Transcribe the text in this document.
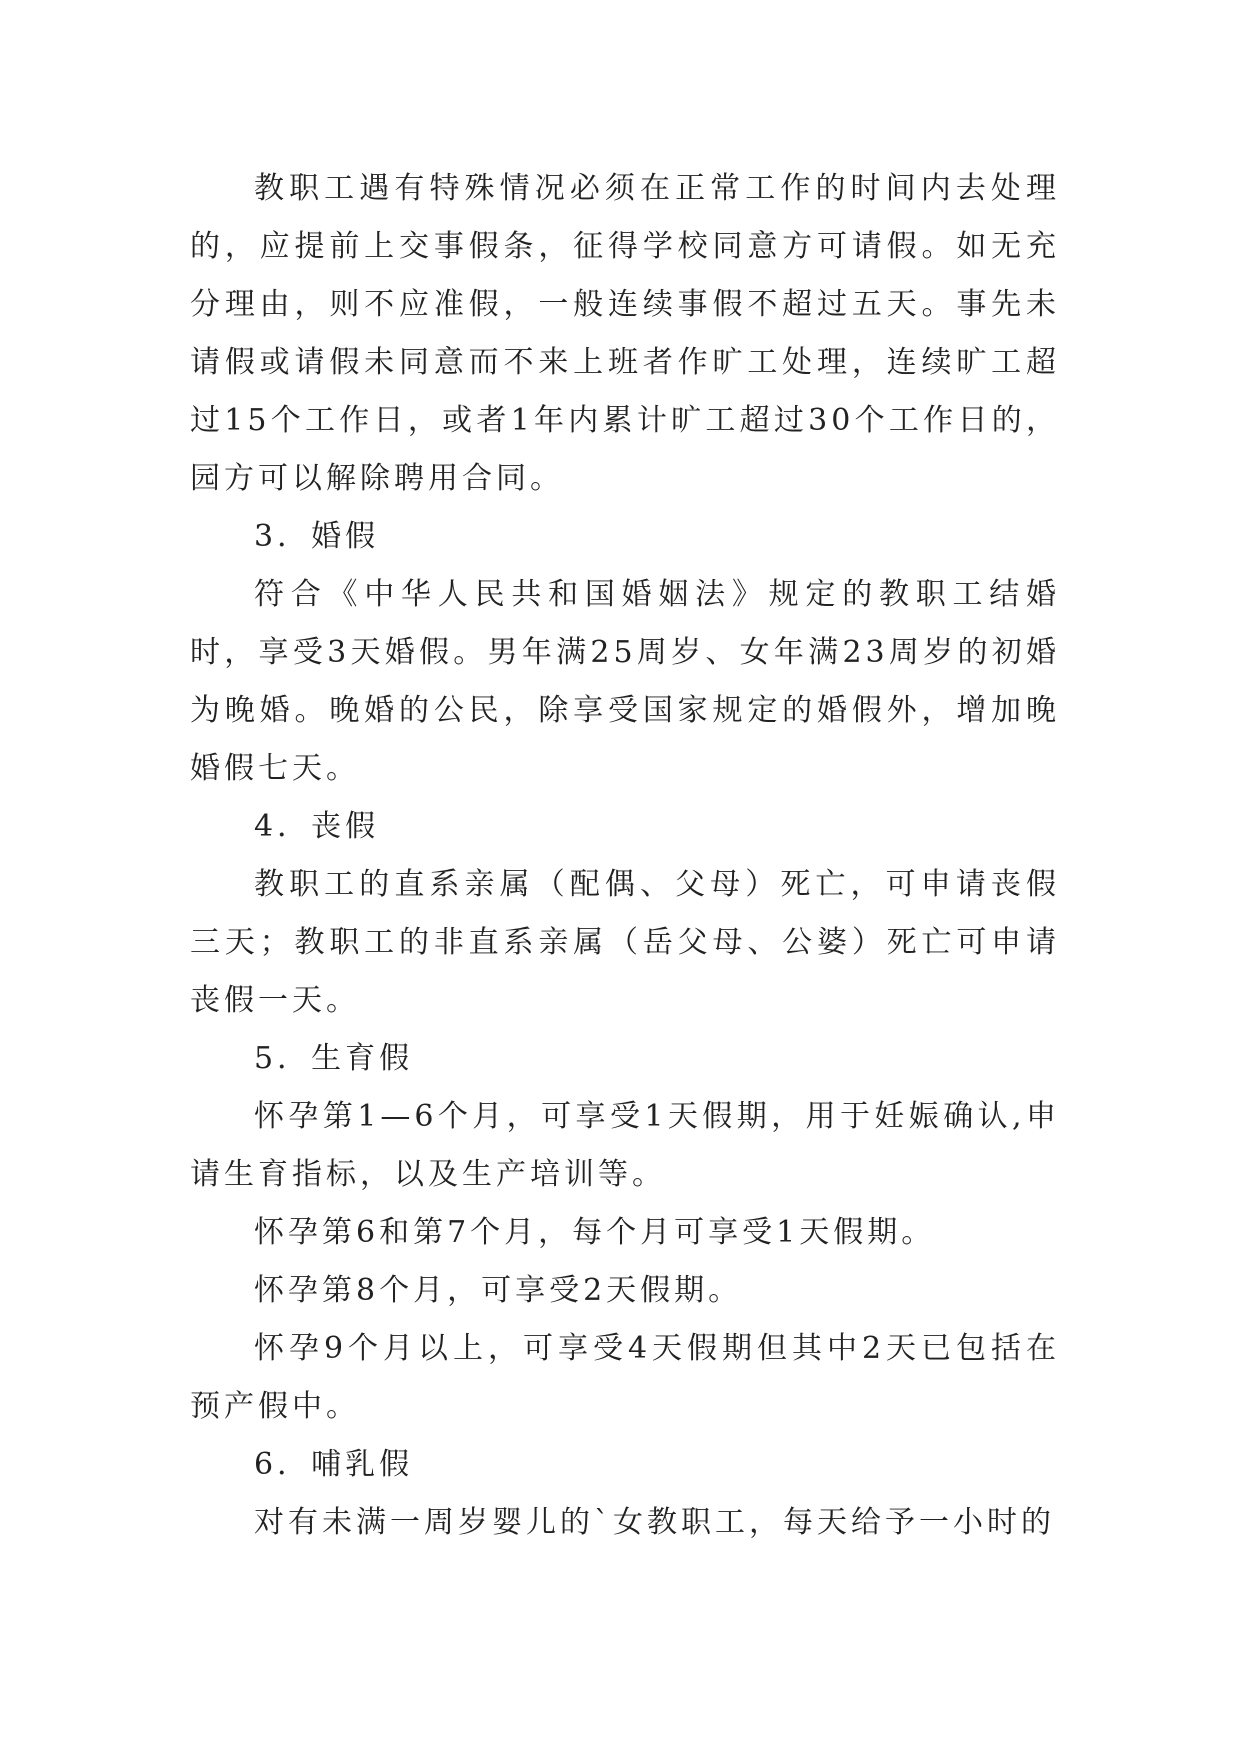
教职工遇有特殊情况必须在正常工作的时间内去处理的，应提前上交事假条，征得学校同意方可请假。如无充分理由，则不应准假，一般连续事假不超过五天。事先未请假或请假未同意而不来上班者作旷工处理，连续旷工超过15个工作日，或者1年内累计旷工超过30个工作日的，园方可以解除聘用合同。

3．婚假

符合《中华人民共和国婚姻法》规定的教职工结婚时，享受3天婚假。男年满25周岁、女年满23周岁的初婚为晚婚。晚婚的公民，除享受国家规定的婚假外，增加晚婚假七天。

4．丧假

教职工的直系亲属（配偶、父母）死亡，可申请丧假三天；教职工的非直系亲属（岳父母、公婆）死亡可申请丧假一天。

5．生育假

怀孕第1—6个月，可享受1天假期，用于妊娠确认,申请生育指标，以及生产培训等。

怀孕第6和第7个月，每个月可享受1天假期。

怀孕第8个月，可享受2天假期。

怀孕9个月以上，可享受4天假期但其中2天已包括在预产假中。

6．哺乳假

对有未满一周岁婴儿的`女教职工，每天给予一小时的
